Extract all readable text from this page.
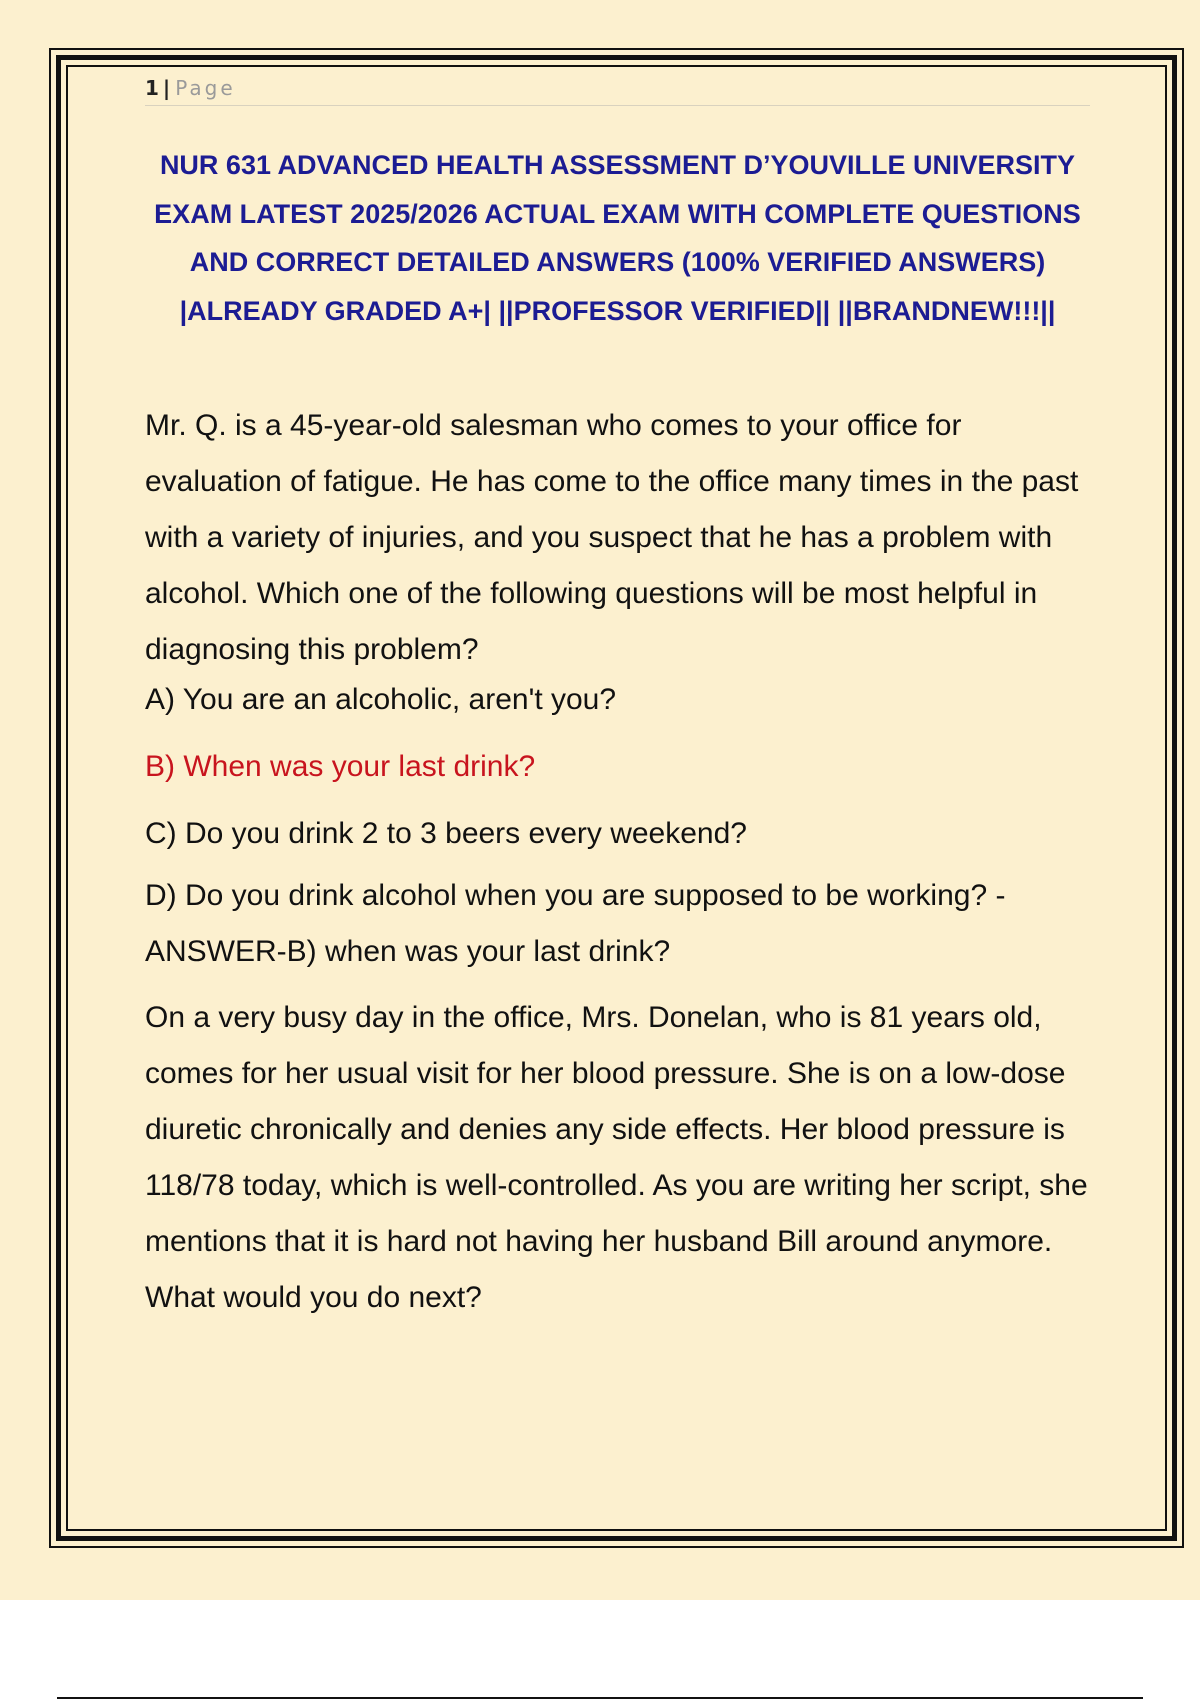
1 | Page
NUR 631 ADVANCED HEALTH ASSESSMENT D’YOUVILLE UNIVERSITY EXAM LATEST 2025/2026 ACTUAL EXAM WITH COMPLETE QUESTIONS AND CORRECT DETAILED ANSWERS (100% VERIFIED ANSWERS) |ALREADY GRADED A+| ||PROFESSOR VERIFIED|| ||BRANDNEW!!!||

Mr. Q. is a 45-year-old salesman who comes to your office for evaluation of fatigue. He has come to the office many times in the past with a variety of injuries, and you suspect that he has a problem with alcohol. Which one of the following questions will be most helpful in diagnosing this problem?

A) You are an alcoholic, aren't you?

B) When was your last drink?

C) Do you drink 2 to 3 beers every weekend?

D) Do you drink alcohol when you are supposed to be working? - ANSWER-B) when was your last drink?

On a very busy day in the office, Mrs. Donelan, who is 81 years old, comes for her usual visit for her blood pressure. She is on a low-dose diuretic chronically and denies any side effects. Her blood pressure is 118/78 today, which is well-controlled. As you are writing her script, she mentions that it is hard not having her husband Bill around anymore. What would you do next?
